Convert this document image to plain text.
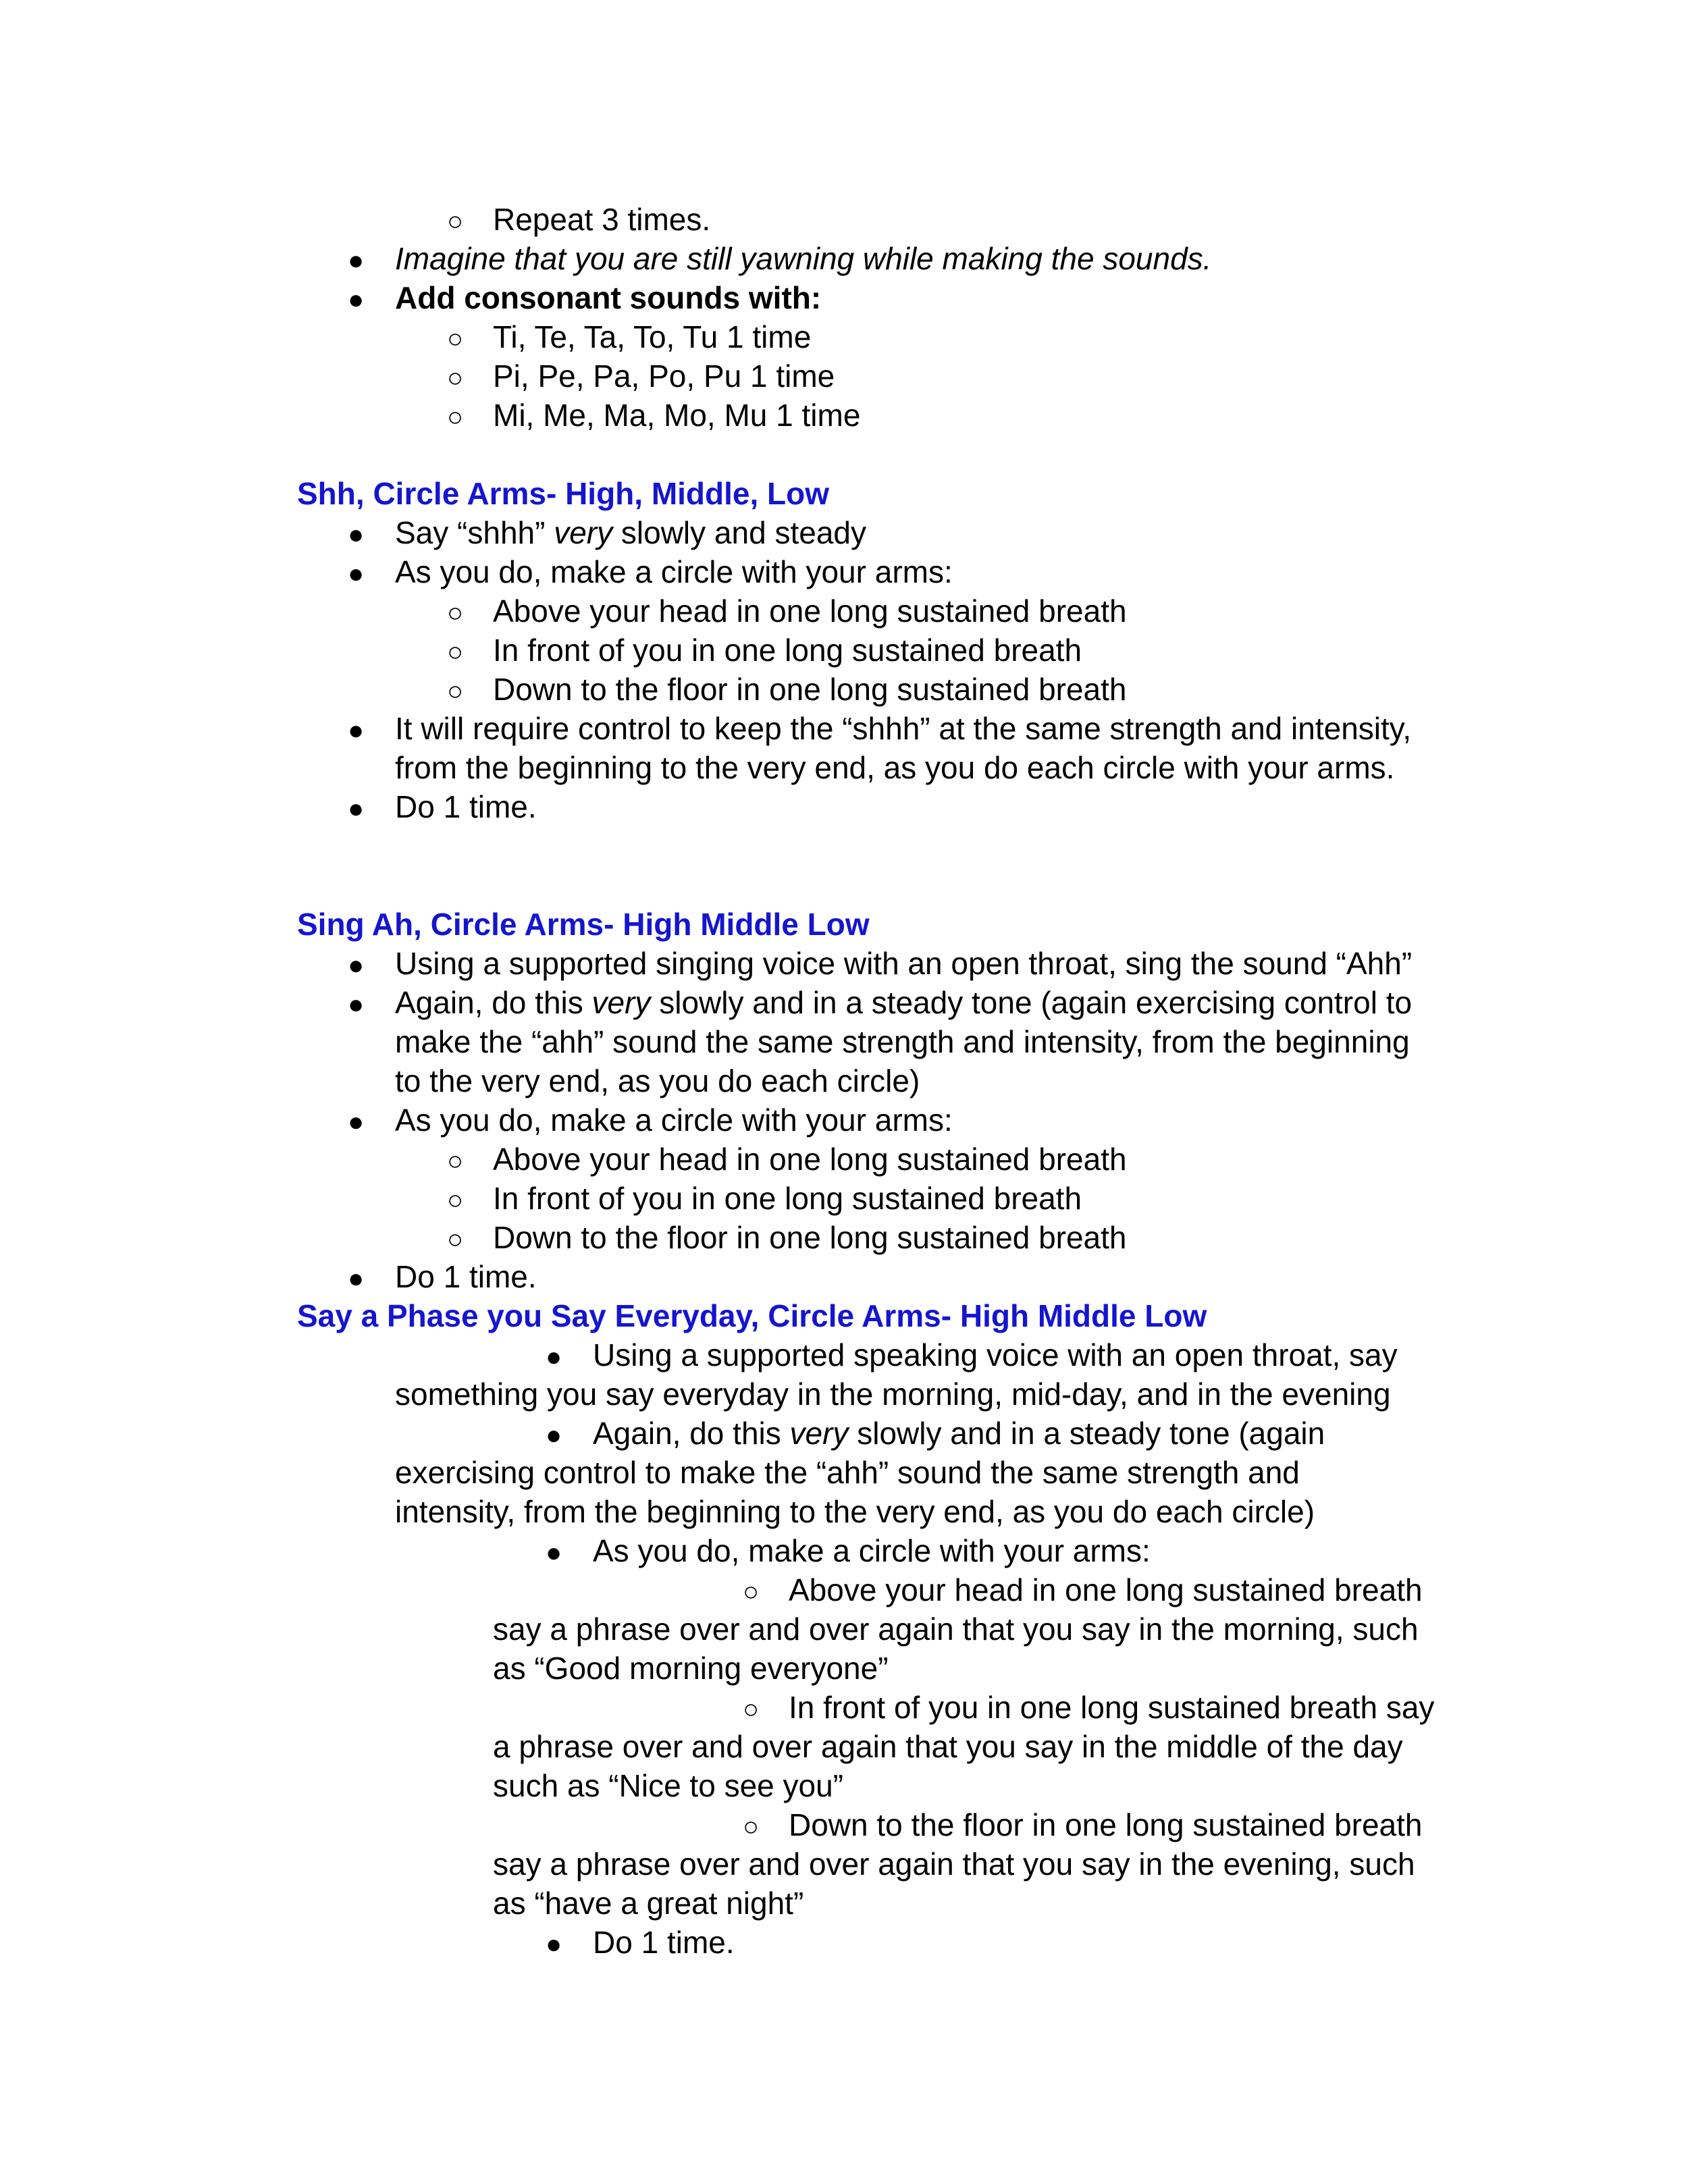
○ Repeat 3 times.
● Imagine that you are still yawning while making the sounds.
● Add consonant sounds with:
○ Ti, Te, Ta, To, Tu 1 time
○ Pi, Pe, Pa, Po, Pu 1 time
○ Mi, Me, Ma, Mo, Mu 1 time
Shh, Circle Arms- High, Middle, Low
● Say “shhh” very slowly and steady
● As you do, make a circle with your arms:
○ Above your head in one long sustained breath
○ In front of you in one long sustained breath
○ Down to the floor in one long sustained breath
● It will require control to keep the “shhh” at the same strength and intensity,
from the beginning to the very end, as you do each circle with your arms.
● Do 1 time.
Sing Ah, Circle Arms- High Middle Low
● Using a supported singing voice with an open throat, sing the sound “Ahh”
● Again, do this very slowly and in a steady tone (again exercising control to
make the “ahh” sound the same strength and intensity, from the beginning
to the very end, as you do each circle)
● As you do, make a circle with your arms:
○ Above your head in one long sustained breath
○ In front of you in one long sustained breath
○ Down to the floor in one long sustained breath
● Do 1 time.
Say a Phase you Say Everyday, Circle Arms- High Middle Low
● Using a supported speaking voice with an open throat, say
something you say everyday in the morning, mid-day, and in the evening
● Again, do this very slowly and in a steady tone (again
exercising control to make the “ahh” sound the same strength and
intensity, from the beginning to the very end, as you do each circle)
● As you do, make a circle with your arms:
○ Above your head in one long sustained breath
say a phrase over and over again that you say in the morning, such
as “Good morning everyone”
○ In front of you in one long sustained breath say
a phrase over and over again that you say in the middle of the day
such as “Nice to see you”
○ Down to the floor in one long sustained breath
say a phrase over and over again that you say in the evening, such
as “have a great night”
● Do 1 time.
